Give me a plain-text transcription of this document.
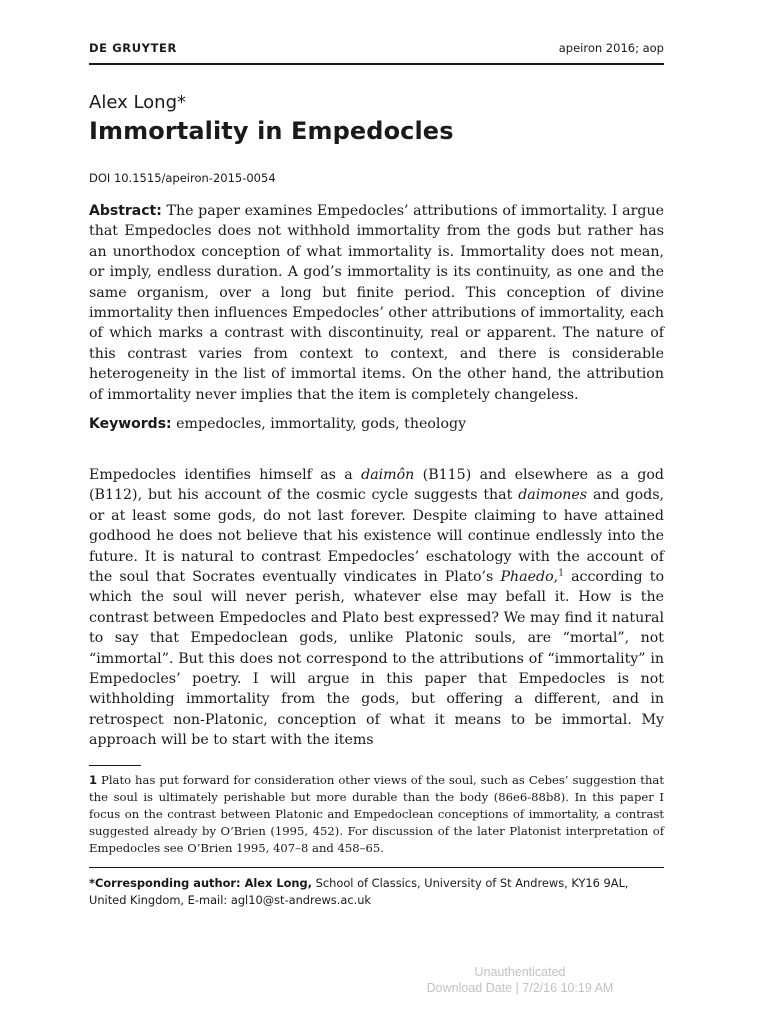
DE GRUYTER	apeiron 2016; aop
Alex Long*
Immortality in Empedocles
DOI 10.1515/apeiron-2015-0054

Abstract: The paper examines Empedocles’ attributions of immortality. I argue that Empedocles does not withhold immortality from the gods but rather has an unorthodox conception of what immortality is. Immortality does not mean, or imply, endless duration. A god’s immortality is its continuity, as one and the same organism, over a long but finite period. This conception of divine immortality then influences Empedocles’ other attributions of immortality, each of which marks a contrast with discontinuity, real or apparent. The nature of this contrast varies from context to context, and there is considerable heterogeneity in the list of immortal items. On the other hand, the attribution of immortality never implies that the item is completely changeless.

Keywords: empedocles, immortality, gods, theology

Empedocles identifies himself as a daimôn (B115) and elsewhere as a god (B112), but his account of the cosmic cycle suggests that daimones and gods, or at least some gods, do not last forever. Despite claiming to have attained godhood he does not believe that his existence will continue endlessly into the future. It is natural to contrast Empedocles’ eschatology with the account of the soul that Socrates eventually vindicates in Plato’s Phaedo,$^1$ according to which the soul will never perish, whatever else may befall it. How is the contrast between Empedocles and Plato best expressed? We may find it natural to say that Empedoclean gods, unlike Platonic souls, are “mortal”, not “immortal”. But this does not correspond to the attributions of “immortality” in Empedocles’ poetry. I will argue in this paper that Empedocles is not withholding immortality from the gods, but offering a different, and in retrospect non-Platonic, conception of what it means to be immortal. My approach will be to start with the items

1 Plato has put forward for consideration other views of the soul, such as Cebes’ suggestion that the soul is ultimately perishable but more durable than the body (86e6-88b8). In this paper I focus on the contrast between Platonic and Empedoclean conceptions of immortality, a contrast suggested already by O’Brien (1995, 452). For discussion of the later Platonist interpretation of Empedocles see O’Brien 1995, 407–8 and 458–65.

*Corresponding author: Alex Long, School of Classics, University of St Andrews, KY16 9AL, United Kingdom, E-mail: agl10@st-andrews.ac.uk

Unauthenticated
Download Date | 7/2/16 10:19 AM
